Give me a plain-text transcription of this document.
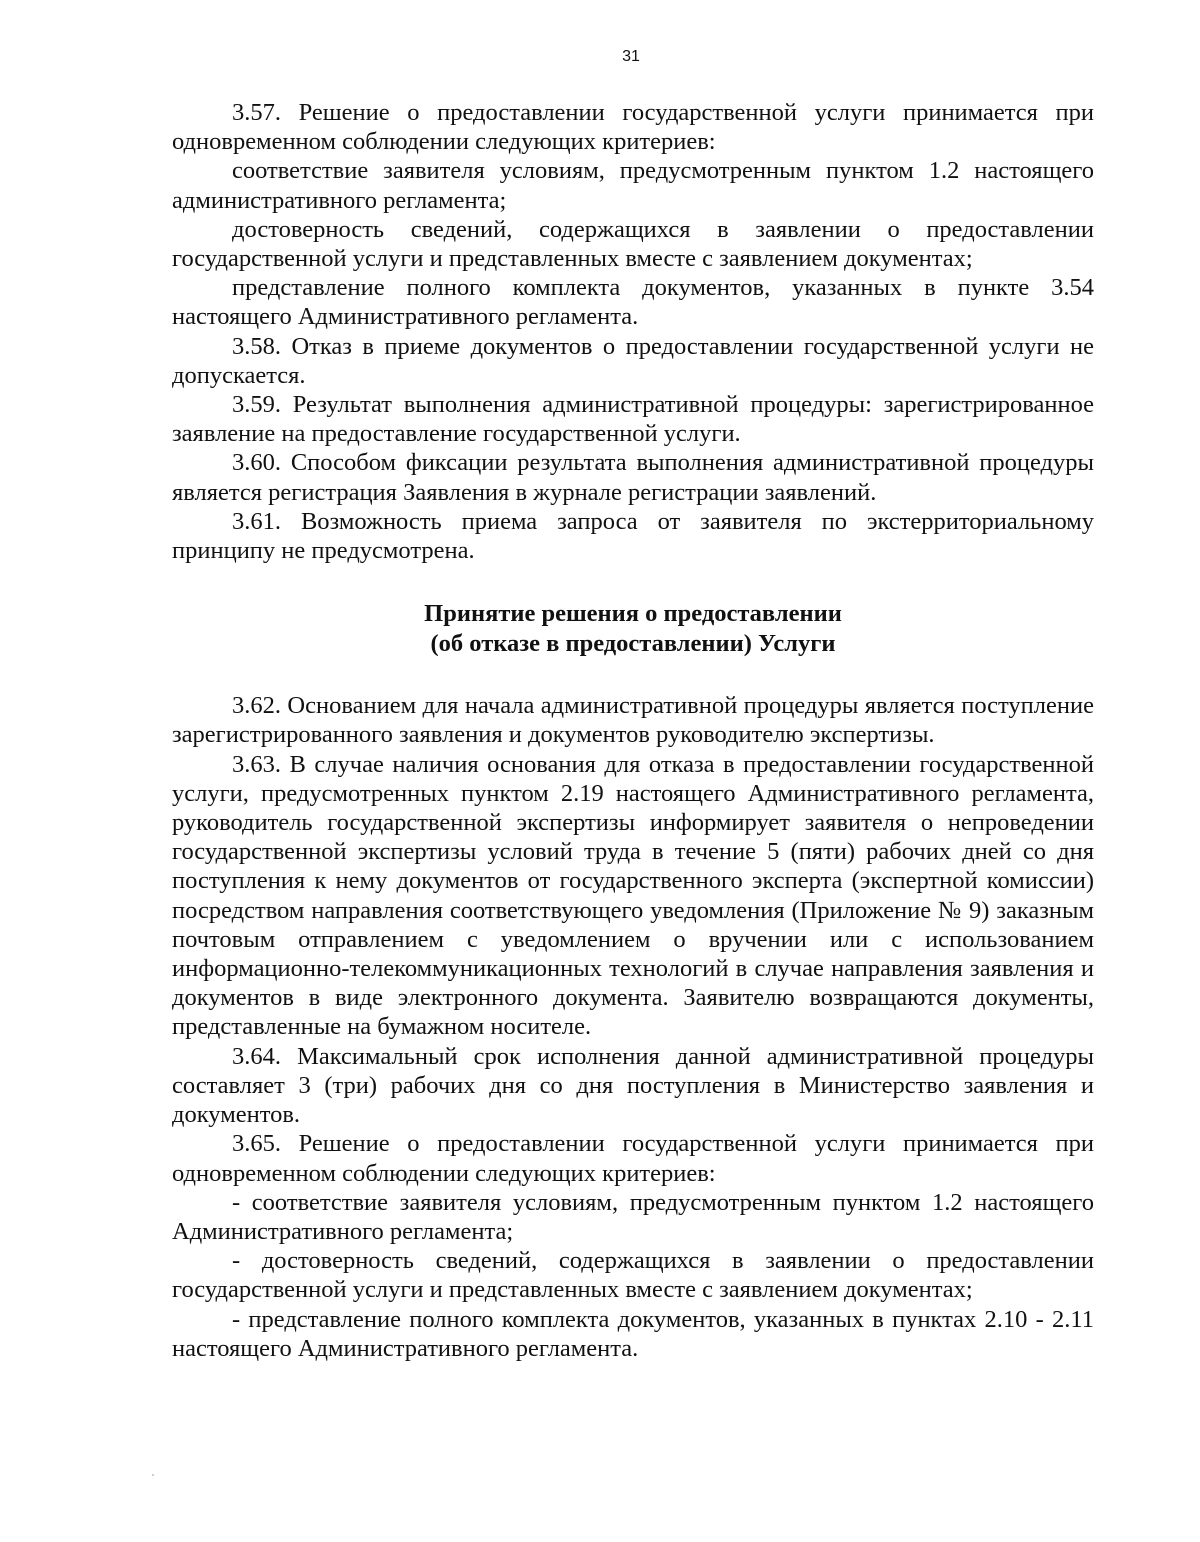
31

3.57. Решение о предоставлении государственной услуги принимается при одновременном соблюдении следующих критериев:

соответствие заявителя условиям, предусмотренным пунктом 1.2 настоящего административного регламента;

достоверность сведений, содержащихся в заявлении о предоставлении государственной услуги и представленных вместе с заявлением документах;

представление полного комплекта документов, указанных в пункте 3.54 настоящего Административного регламента.

3.58. Отказ в приеме документов о предоставлении государственной услуги не допускается.

3.59. Результат выполнения административной процедуры: зарегистрированное заявление на предоставление государственной услуги.

3.60. Способом фиксации результата выполнения административной процедуры является регистрация Заявления в журнале регистрации заявлений.

3.61. Возможность приема запроса от заявителя по экстерриториальному принципу не предусмотрена.

Принятие решения о предоставлении
(об отказе в предоставлении) Услуги

3.62. Основанием для начала административной процедуры является поступление зарегистрированного заявления и документов руководителю экспертизы.

3.63. В случае наличия основания для отказа в предоставлении государственной услуги, предусмотренных пунктом 2.19 настоящего Административного регламента, руководитель государственной экспертизы информирует заявителя о непроведении государственной экспертизы условий труда в течение 5 (пяти) рабочих дней со дня поступления к нему документов от государственного эксперта (экспертной комиссии) посредством направления соответствующего уведомления (Приложение № 9) заказным почтовым отправлением с уведомлением о вручении или с использованием информационно-телекоммуникационных технологий в случае направления заявления и документов в виде электронного документа. Заявителю возвращаются документы, представленные на бумажном носителе.

3.64. Максимальный срок исполнения данной административной процедуры составляет 3 (три) рабочих дня со дня поступления в Министерство заявления и документов.

3.65. Решение о предоставлении государственной услуги принимается при одновременном соблюдении следующих критериев:

- соответствие заявителя условиям, предусмотренным пунктом 1.2 настоящего Административного регламента;

- достоверность сведений, содержащихся в заявлении о предоставлении государственной услуги и представленных вместе с заявлением документах;

- представление полного комплекта документов, указанных в пунктах 2.10 - 2.11 настоящего Административного регламента.
